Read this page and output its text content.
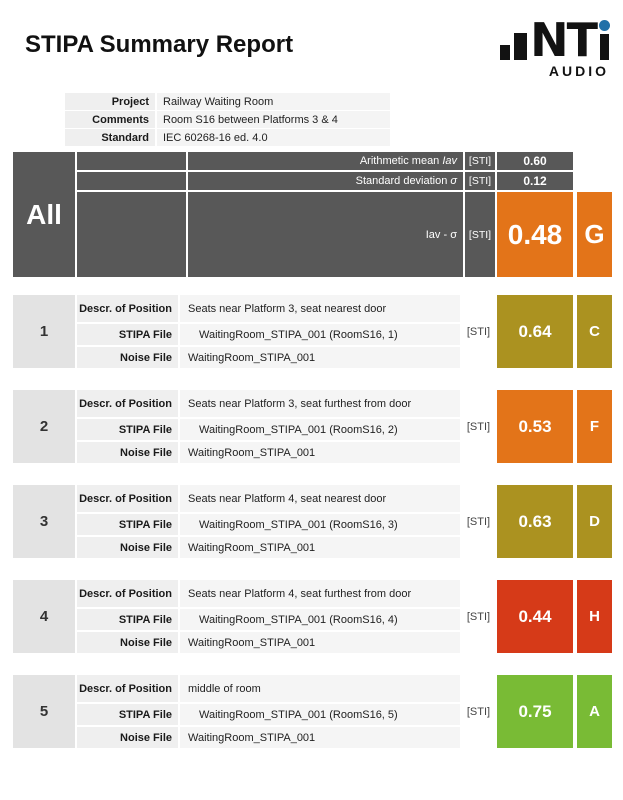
STIPA Summary Report	NT
AUDIO
Project	Railway Waiting Room
Comments	Room S16 between Platforms 3 & 4
Standard	IEC 60268-16 ed. 4.0
All
Arithmetic mean Iav	[STI]	0.60
Standard deviation σ	[STI]	0.12
Iav - σ	[STI] 0.48 G
1
Descr. of Position	Seats near Platform 3, seat nearest door
STIPA File	WaitingRoom_STIPA_001 (RoomS16, 1)
Noise File	WaitingRoom_STIPA_001
[STI]	0.64	C
2
Descr. of Position	Seats near Platform 3, seat furthest from door
STIPA File	WaitingRoom_STIPA_001 (RoomS16, 2)
Noise File	WaitingRoom_STIPA_001
[STI]	0.53	F
3
Descr. of Position	Seats near Platform 4, seat nearest door
STIPA File	WaitingRoom_STIPA_001 (RoomS16, 3)
Noise File	WaitingRoom_STIPA_001
[STI]	0.63	D
4
Descr. of Position	Seats near Platform 4, seat furthest from door
STIPA File	WaitingRoom_STIPA_001 (RoomS16, 4)
Noise File	WaitingRoom_STIPA_001
[STI]	0.44	H
5
Descr. of Position	middle of room
STIPA File	WaitingRoom_STIPA_001 (RoomS16, 5)
Noise File	WaitingRoom_STIPA_001
[STI]	0.75	A
